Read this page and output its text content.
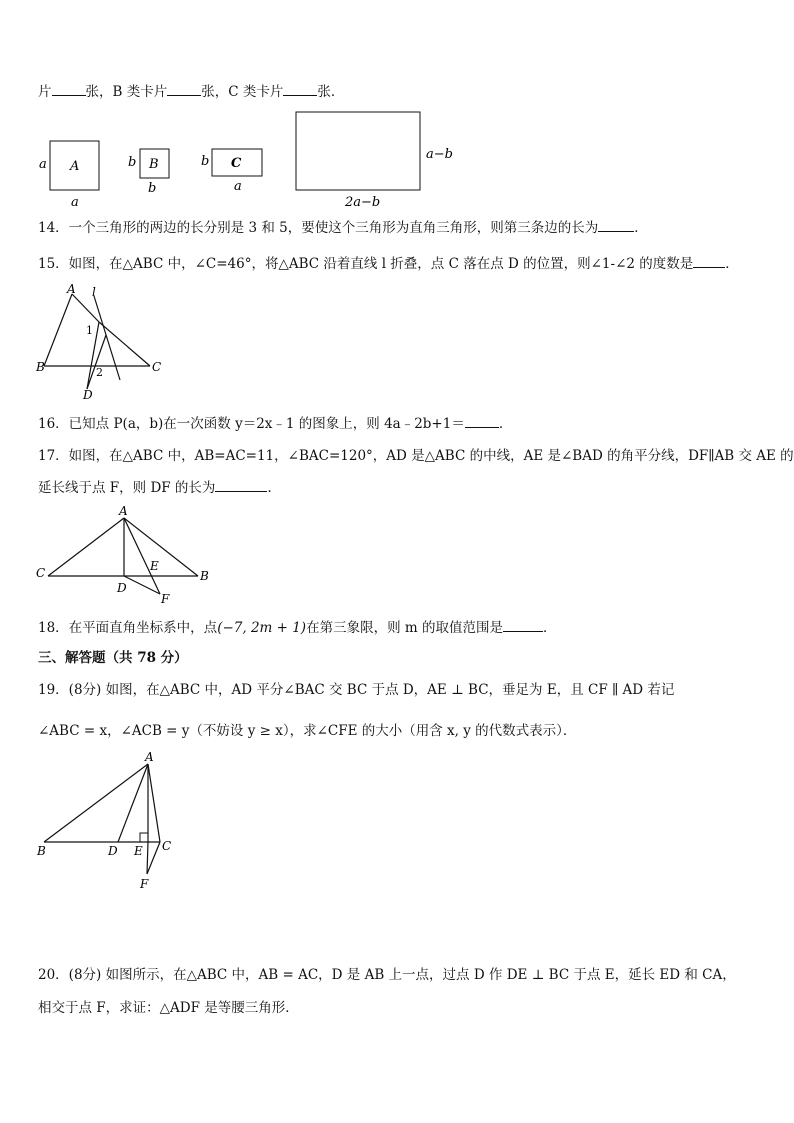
片	张，B 类卡片	张，C 类卡片	张．
A
a
a
B
b
b
C
b
a
a−b
2a−b
14．一个三角形的两边的长分别是 3 和 5，要使这个三角形为直角三角形，则第三条边的长为	．
15．如图，在△ABC 中，∠C=46°，将△ABC 沿着直线 l 折叠，点 C 落在点 D 的位置，则∠1-∠2 的度数是 ．
A l
1
B	C
2
D
16．已知点 P(a，b)在一次函数 y＝2x﹣1 的图象上，则 4a﹣2b+1＝	．
17．如图，在△ABC 中，AB=AC=11，∠BAC=120°，AD 是△ABC 的中线，AE 是∠BAD 的角平分线，DF∥AB 交 AE 的
延长线于点 F，则 DF 的长为	．
A
C
D
E
B
F
18．在平面直角坐标系中，点(−7, 2m + 1)在第三象限，则 m 的取值范围是	．
三、解答题（共 78 分）
19．(8分) 如图，在△ABC 中，AD 平分∠BAC 交 BC 于点 D，AE ⊥ BC，垂足为 E，且 CF ∥ AD 若记
∠ABC = x，∠ACB = y（不妨设 y ≥ x），求∠CFE 的大小（用含 x, y 的代数式表示）．
A
B	D E C
F
20．(8分) 如图所示，在△ABC 中，AB = AC，D 是 AB 上一点，过点 D 作 DE ⊥ BC 于点 E，延长 ED 和 CA，
相交于点 F，求证：△ADF 是等腰三角形．
